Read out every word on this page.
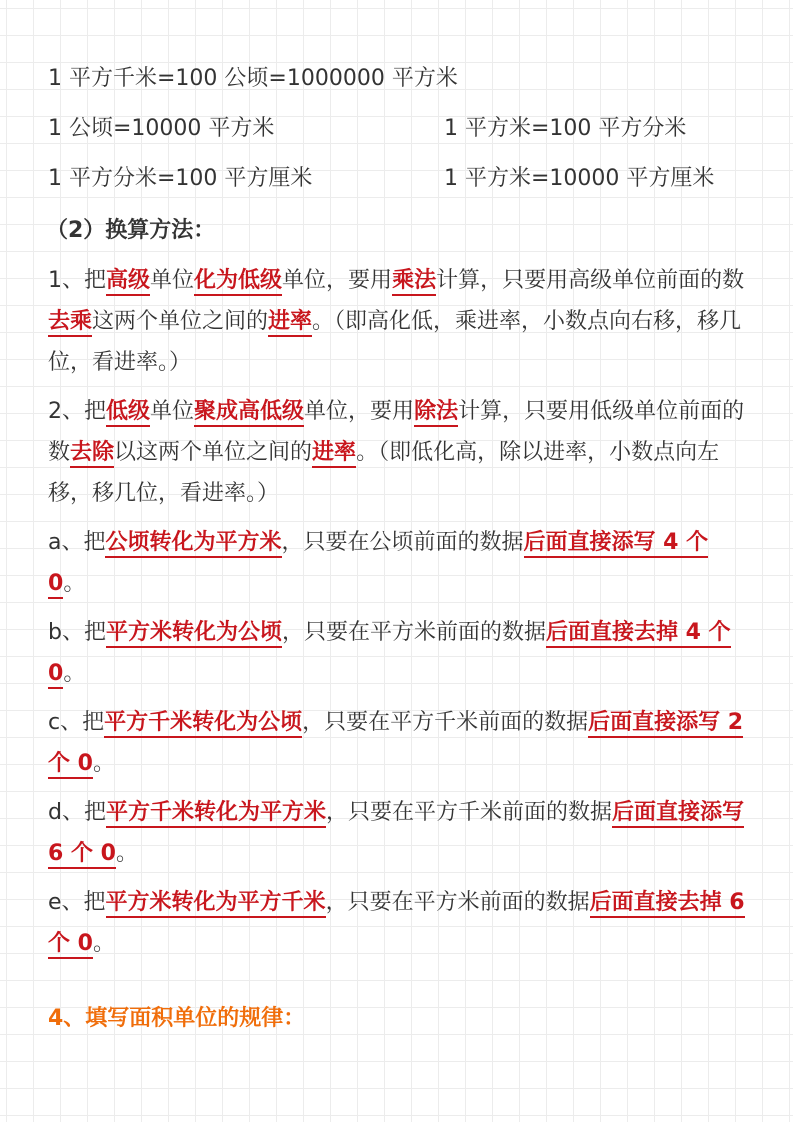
1 平方千米=100 公顷=1000000 平方米
1 公顷=10000 平方米	1 平方米=100 平方分米
1 平方分米=100 平方厘米	1 平方米=10000 平方厘米
（2）换算方法：
1、把高级单位化为低级单位，要用乘法计算，只要用高级单位前面的数去乘这两个单位之间的进率。（即高化低，乘进率，小数点向右移，移几位，看进率。）
2、把低级单位聚成高低级单位，要用除法计算，只要用低级单位前面的数去除以这两个单位之间的进率。（即低化高，除以进率，小数点向左移，移几位，看进率。）
a、把公顷转化为平方米，只要在公顷前面的数据后面直接添写 4 个 0。
b、把平方米转化为公顷，只要在平方米前面的数据后面直接去掉 4 个 0。
c、把平方千米转化为公顷，只要在平方千米前面的数据后面直接添写 2 个 0。
d、把平方千米转化为平方米，只要在平方千米前面的数据后面直接添写 6 个 0。
e、把平方米转化为平方千米，只要在平方米前面的数据后面直接去掉 6 个 0。
4、填写面积单位的规律：
